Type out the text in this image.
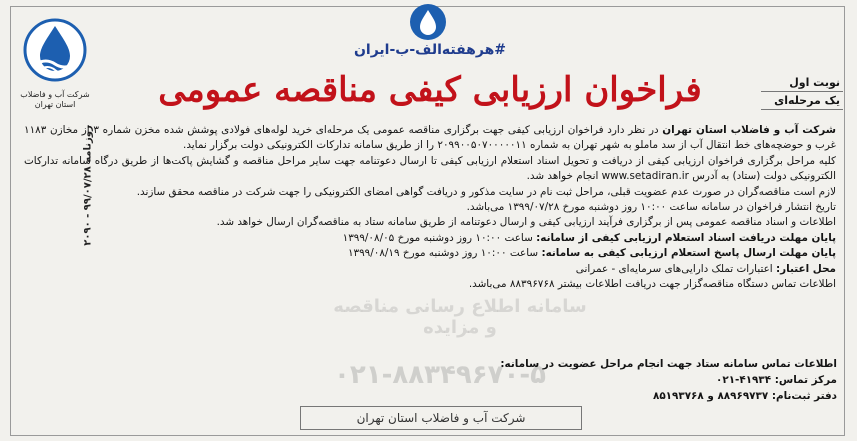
روزنامه ۹۹/۰۷/۲۸ - ۲۰۹۰
شرکت آب و فاضلاب
استان تهران
#هرهفته‌الف-ب-ایران
فراخوان ارزیابی کیفی مناقصه عمومی	نوبت اول
یک مرحله‌ای
سامانه اطلاع رسانی مناقصه و مزایده

شرکت آب و فاضلاب استان تهران در نظر دارد فراخوان ارزیابی کیفی جهت برگزاری مناقصه عمومی یک مرحله‌ای خرید لوله‌های فولادی پوشش شده مخزن شماره ۳ از مخازن ۱۱۸۳ غرب و حوضچه‌های خط انتقال آب از سد ماملو به شهر تهران به شماره ۲۰۹۹۰۰۵۰۷۰۰۰۰۰۱۱ را از طریق سامانه تدارکات الکترونیکی دولت برگزار نماید.

کلیه مراحل برگزاری فراخوان ارزیابی کیفی از دریافت و تحویل اسناد استعلام ارزیابی کیفی تا ارسال دعوتنامه جهت سایر مراحل مناقصه و گشایش پاکت‌ها از طریق درگاه سامانه تدارکات الکترونیکی دولت (ستاد) به آدرس www.setadiran.ir انجام خواهد شد.

لازم است مناقصه‌گران در صورت عدم عضویت قبلی، مراحل ثبت نام در سایت مذکور و دریافت گواهی امضای الکترونیکی را جهت شرکت در مناقصه محقق سازند.

تاریخ انتشار فراخوان در سامانه ساعت ۱۰:۰۰ روز دوشنبه مورخ ۱۳۹۹/۰۷/۲۸ می‌باشد.

اطلاعات و اسناد مناقصه عمومی پس از برگزاری فرآیند ارزیابی کیفی و ارسال دعوتنامه از طریق سامانه ستاد به مناقصه‌گران ارسال خواهد شد.

پایان مهلت دریافت اسناد استعلام ارزیابی کیفی از سامانه: ساعت ۱۰:۰۰ روز دوشنبه مورخ ۱۳۹۹/۰۸/۰۵

پایان مهلت ارسال پاسخ استعلام ارزیابی کیفی به سامانه: ساعت ۱۰:۰۰ روز دوشنبه مورخ ۱۳۹۹/۰۸/۱۹

محل اعتبار: اعتبارات تملک دارایی‌های سرمایه‌ای - عمرانی

اطلاعات تماس دستگاه مناقصه‌گزار جهت دریافت اطلاعات بیشتر ۸۸۳۹۶۷۶۸ می‌باشد.

۰۲۱-۸۸۳۴۹۶۷۰-۵
اطلاعات تماس سامانه ستاد جهت انجام مراحل عضویت در سامانه:
مرکز تماس: ۴۱۹۳۴-۰۲۱
دفتر ثبت‌نام: ۸۸۹۶۹۷۳۷ و ۸۵۱۹۳۷۶۸
شرکت آب و فاضلاب استان تهران
